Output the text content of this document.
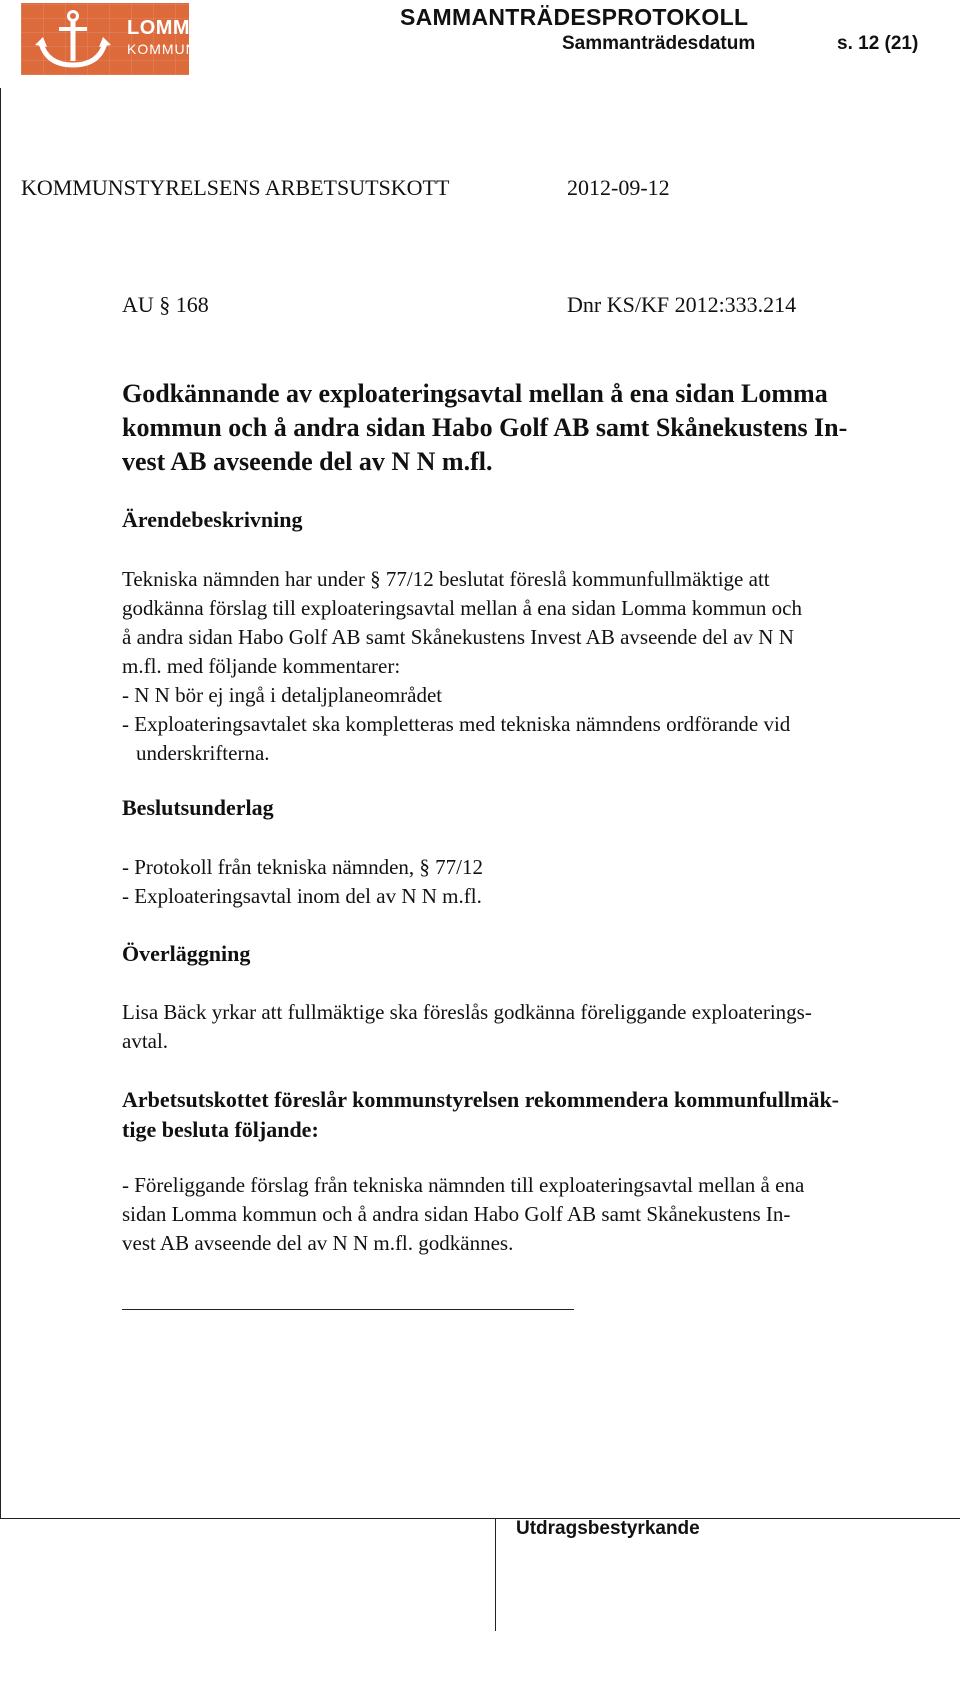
LOMMA
KOMMUN
SAMMANTRÄDESPROTOKOLL
Sammanträdesdatum	s. 12 (21)
Utdragsbestyrkande
KOMMUNSTYRELSENS ARBETSUTSKOTT	2012-09-12
AU § 168	Dnr KS/KF 2012:333.214
Godkännande av exploateringsavtal mellan å ena sidan Lomma
kommun och å andra sidan Habo Golf AB samt Skånekustens In-
vest AB avseende del av N N m.fl.
Ärendebeskrivning
Tekniska nämnden har under § 77/12 beslutat föreslå kommunfullmäktige att
godkänna förslag till exploateringsavtal mellan å ena sidan Lomma kommun och
å andra sidan Habo Golf AB samt Skånekustens Invest AB avseende del av N N
m.fl. med följande kommentarer:
- N N bör ej ingå i detaljplaneområdet
- Exploateringsavtalet ska kompletteras med tekniska nämndens ordförande vid
underskrifterna.
Beslutsunderlag
- Protokoll från tekniska nämnden, § 77/12
- Exploateringsavtal inom del av N N m.fl.
Överläggning
Lisa Bäck yrkar att fullmäktige ska föreslås godkänna föreliggande exploaterings-
avtal.
Arbetsutskottet föreslår kommunstyrelsen rekommendera kommunfullmäk-
tige besluta följande:
- Föreliggande förslag från tekniska nämnden till exploateringsavtal mellan å ena
sidan Lomma kommun och å andra sidan Habo Golf AB samt Skånekustens In-
vest AB avseende del av N N m.fl. godkännes.
